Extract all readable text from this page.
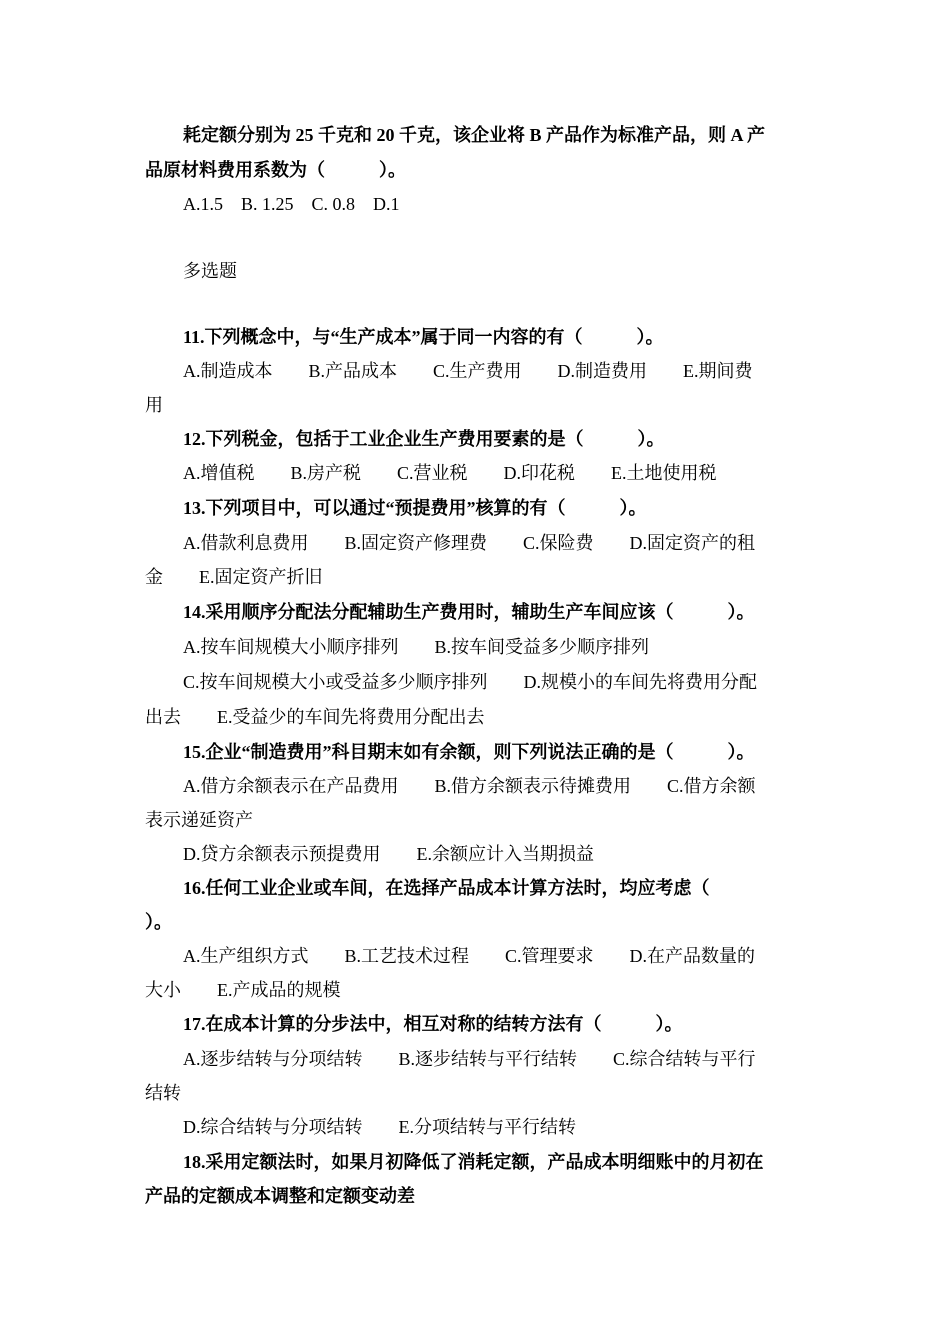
耗定额分别为 25 千克和 20 千克，该企业将 B 产品作为标准产品，则 A 产
品原材料费用系数为（　　　）。
A.1.5　B. 1.25　C. 0.8　D.1
多选题
11.下列概念中，与“生产成本”属于同一内容的有（　　　）。
A.制造成本　　B.产品成本　　C.生产费用　　D.制造费用　　E.期间费
用
12.下列税金，包括于工业企业生产费用要素的是（　　　）。
A.增值税　　B.房产税　　C.营业税　　D.印花税　　E.土地使用税
13.下列项目中，可以通过“预提费用”核算的有（　　　）。
A.借款利息费用　　B.固定资产修理费　　C.保险费　　D.固定资产的租
金　　E.固定资产折旧
14.采用顺序分配法分配辅助生产费用时，辅助生产车间应该（　　　）。
A.按车间规模大小顺序排列　　B.按车间受益多少顺序排列
C.按车间规模大小或受益多少顺序排列　　D.规模小的车间先将费用分配
出去　　E.受益少的车间先将费用分配出去
15.企业“制造费用”科目期末如有余额，则下列说法正确的是（　　　）。
A.借方余额表示在产品费用　　B.借方余额表示待摊费用　　C.借方余额
表示递延资产
D.贷方余额表示预提费用　　E.余额应计入当期损益
16.任何工业企业或车间，在选择产品成本计算方法时，均应考虑（
）。
A.生产组织方式　　B.工艺技术过程　　C.管理要求　　D.在产品数量的
大小　　E.产成品的规模
17.在成本计算的分步法中，相互对称的结转方法有（　　　）。
A.逐步结转与分项结转　　B.逐步结转与平行结转　　C.综合结转与平行
结转
D.综合结转与分项结转　　E.分项结转与平行结转
18.采用定额法时，如果月初降低了消耗定额，产品成本明细账中的月初在
产品的定额成本调整和定额变动差
